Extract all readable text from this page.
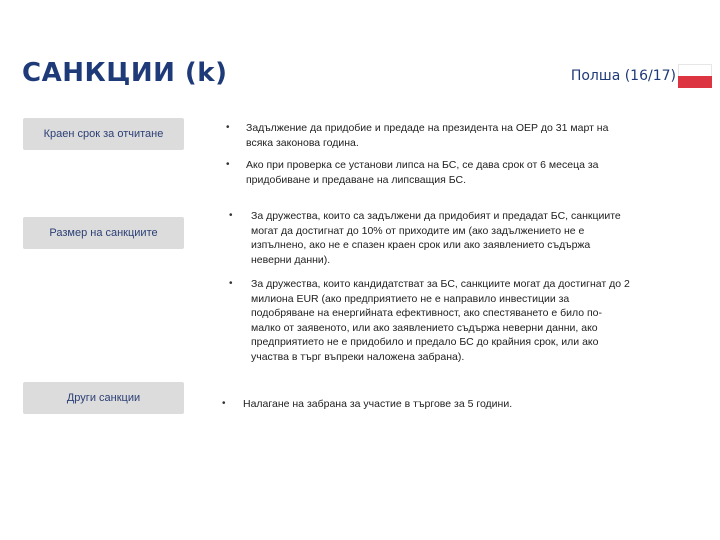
САНКЦИИ (k)	Полша (16/17)
Краен срок за отчитане
Размер на санкциите
Други санкции
• Задължение да придобие и предаде на президента на ОЕР до 31 март на
всяка законова година.
• Ако при проверка се установи липса на БС, се дава срок от 6 месеца за
придобиване и предаване на липсващия БС.
• За дружества, които са задължени да придобият и предадат БС, санкциите
могат да достигнат до 10% от приходите им (ако задължението не е
изпълнено, ако не е спазен краен срок или ако заявлението съдържа
неверни данни).
• За дружества, които кандидатстват за БС, санкциите могат да достигнат до 2
милиона EUR (ако предприятието не е направило инвестиции за
подобряване на енергийната ефективност, ако спестяването е било по-
малко от заявеното, или ако заявлението съдържа неверни данни, ако
предприятието не е придобило и предало БС до крайния срок, или ако
участва в търг въпреки наложена забрана).
• Налагане на забрана за участие в търгове за 5 години.
